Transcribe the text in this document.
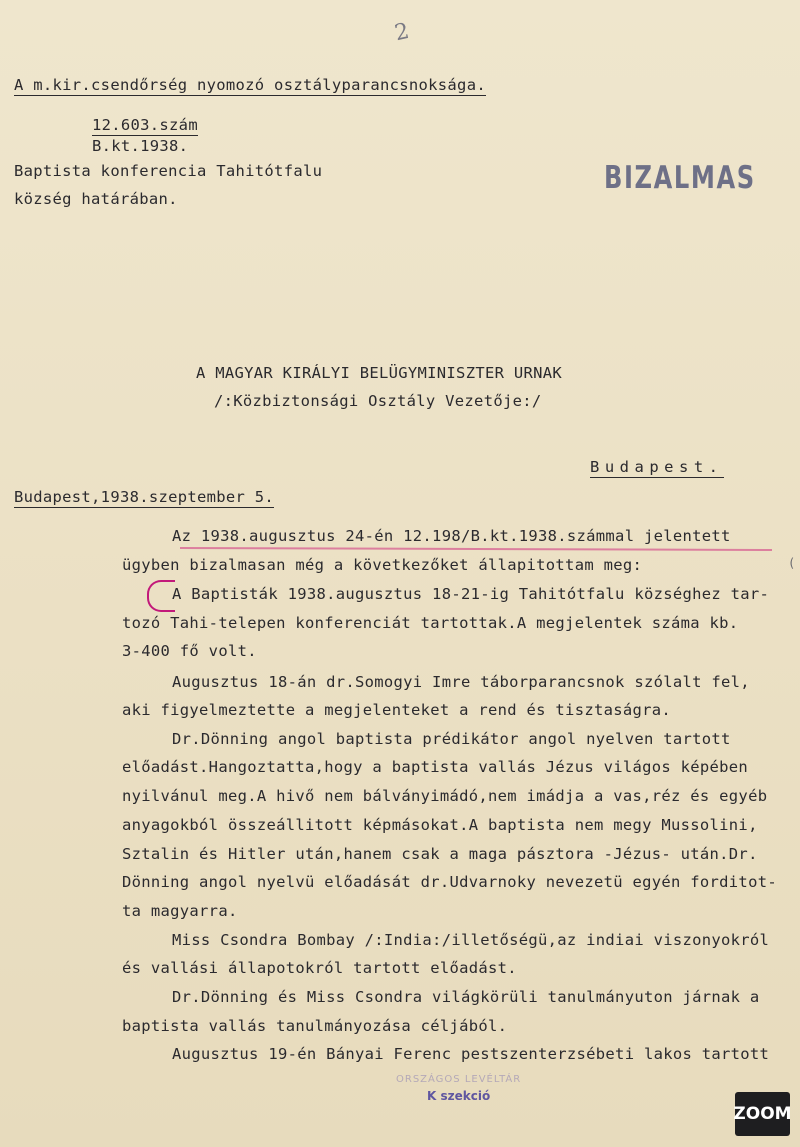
2
A m.kir.csendőrség nyomozó osztályparancsnoksága.
12.603.szám
B.kt.1938.
Baptista konferencia Tahitótfalu
község határában.
BIZALMAS
A MAGYAR KIRÁLYI BELÜGYMINISZTER URNAK
/:Közbiztonsági Osztály Vezetője:/
Budapest.
Budapest,1938.szeptember 5.
(
Az 1938.augusztus 24-én 12.198/B.kt.1938.számmal jelentett
ügyben bizalmasan még a következőket állapitottam meg:
A Baptisták 1938.augusztus 18-21-ig Tahitótfalu községhez tar-
tozó Tahi-telepen konferenciát tartottak.A megjelentek száma kb.
3-400 fő volt.
Augusztus 18-án dr.Somogyi Imre táborparancsnok szólalt fel,
aki figyelmeztette a megjelenteket a rend és tisztaságra.
Dr.Dönning angol baptista prédikátor angol nyelven tartott
előadást.Hangoztatta,hogy a baptista vallás Jézus világos képében
nyilvánul meg.A hivő nem bálványimádó,nem imádja a vas,réz és egyéb
anyagokból összeállitott képmásokat.A baptista nem megy Mussolini,
Sztalin és Hitler után,hanem csak a maga pásztora -Jézus- után.Dr.
Dönning angol nyelvü előadását dr.Udvarnoky nevezetü egyén forditot-
ta magyarra.
Miss Csondra Bombay /:India:/illetőségü,az indiai viszonyokról
és vallási állapotokról tartott előadást.
Dr.Dönning és Miss Csondra világkörüli tanulmányuton járnak a
baptista vallás tanulmányozása céljából.
Augusztus 19-én Bányai Ferenc pestszenterzsébeti lakos tartott
ORSZÁGOS LEVÉLTÁR
K szekció
ZOOM
